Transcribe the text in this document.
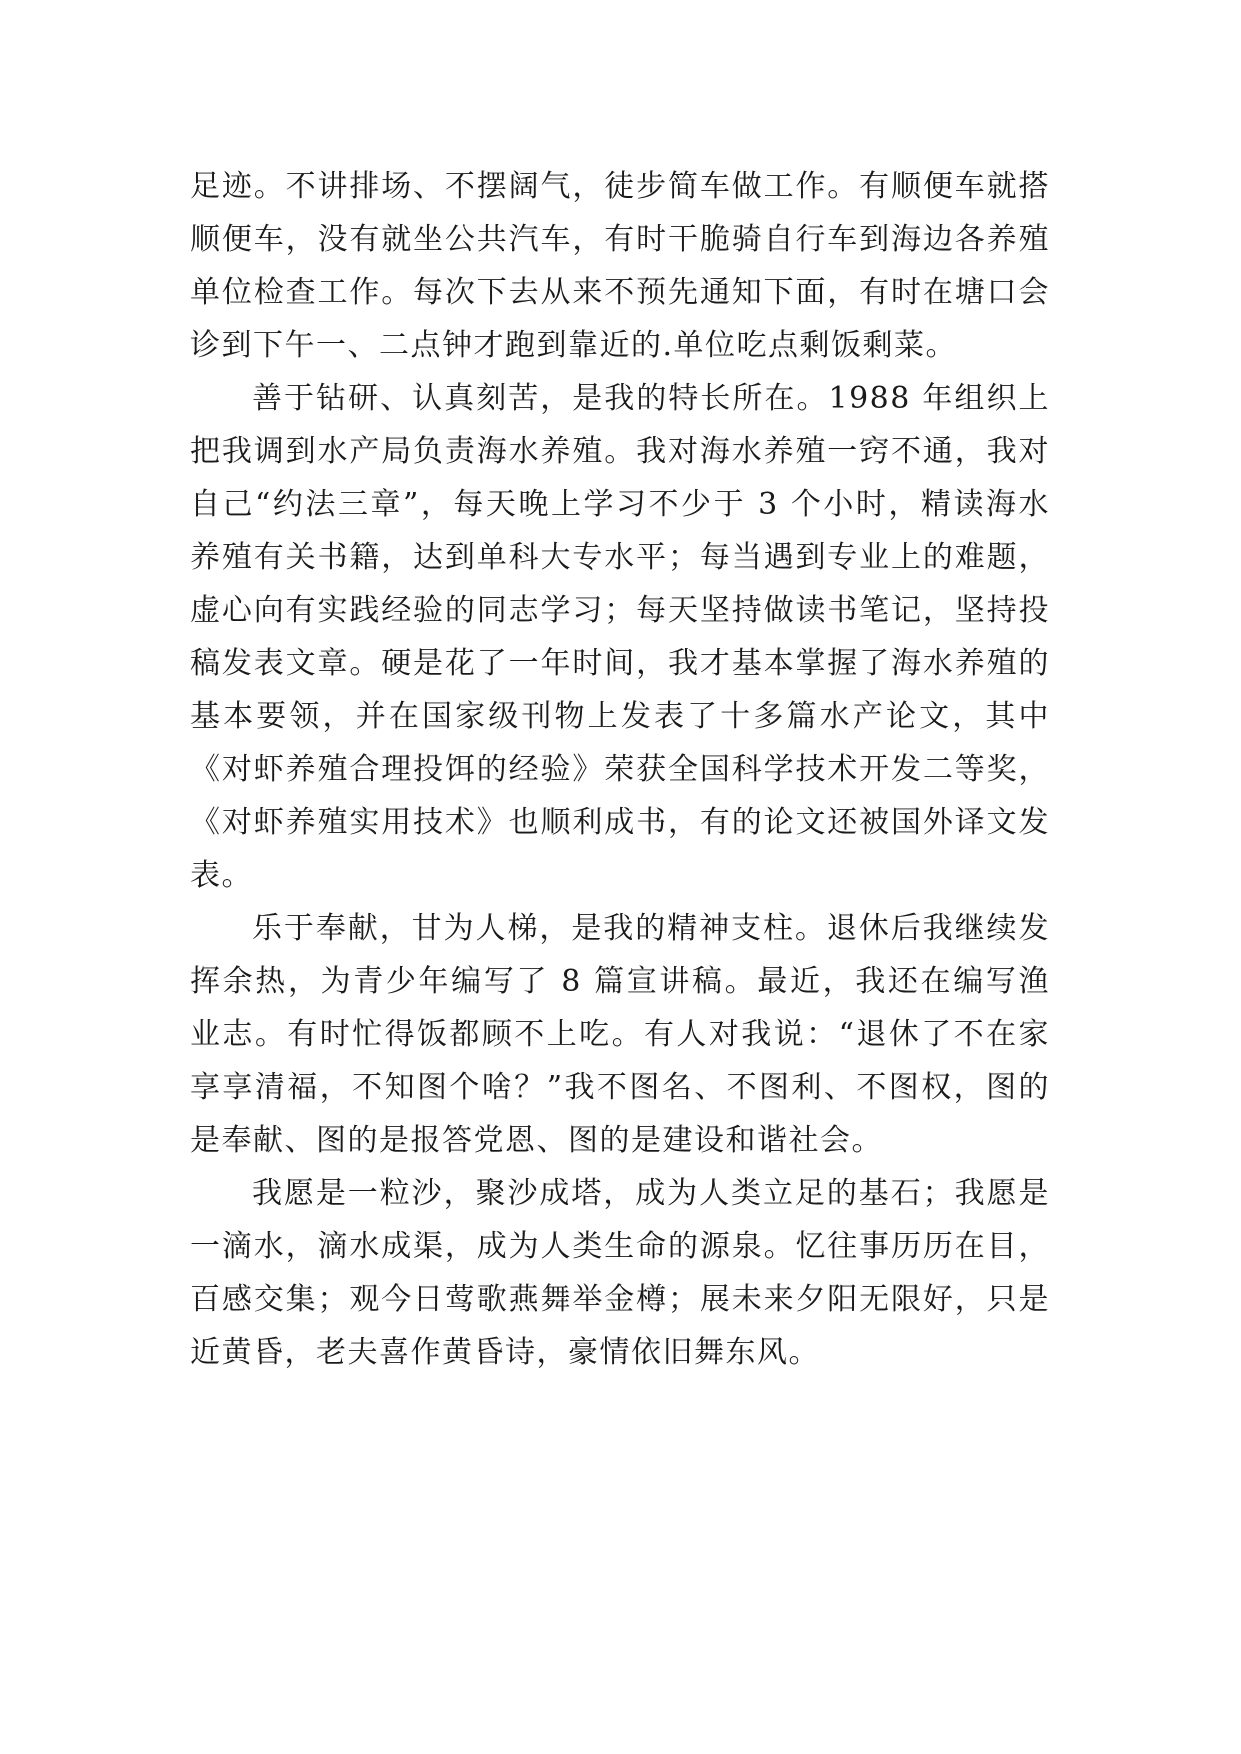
足迹。不讲排场、不摆阔气，徒步简车做工作。有顺便车就搭顺便车，没有就坐公共汽车，有时干脆骑自行车到海边各养殖单位检查工作。每次下去从来不预先通知下面，有时在塘口会诊到下午一、二点钟才跑到靠近的.单位吃点剩饭剩菜。

善于钻研、认真刻苦，是我的特长所在。1988 年组织上把我调到水产局负责海水养殖。我对海水养殖一窍不通，我对自己“约法三章”，每天晚上学习不少于 3 个小时，精读海水养殖有关书籍，达到单科大专水平；每当遇到专业上的难题，虚心向有实践经验的同志学习；每天坚持做读书笔记，坚持投稿发表文章。硬是花了一年时间，我才基本掌握了海水养殖的基本要领，并在国家级刊物上发表了十多篇水产论文，其中《对虾养殖合理投饵的经验》荣获全国科学技术开发二等奖，《对虾养殖实用技术》也顺利成书，有的论文还被国外译文发表。

乐于奉献，甘为人梯，是我的精神支柱。退休后我继续发挥余热，为青少年编写了 8 篇宣讲稿。最近，我还在编写渔业志。有时忙得饭都顾不上吃。有人对我说：“退休了不在家享享清福，不知图个啥？”我不图名、不图利、不图权，图的是奉献、图的是报答党恩、图的是建设和谐社会。

我愿是一粒沙，聚沙成塔，成为人类立足的基石；我愿是一滴水，滴水成渠，成为人类生命的源泉。忆往事历历在目，百感交集；观今日莺歌燕舞举金樽；展未来夕阳无限好，只是近黄昏，老夫喜作黄昏诗，豪情依旧舞东风。
